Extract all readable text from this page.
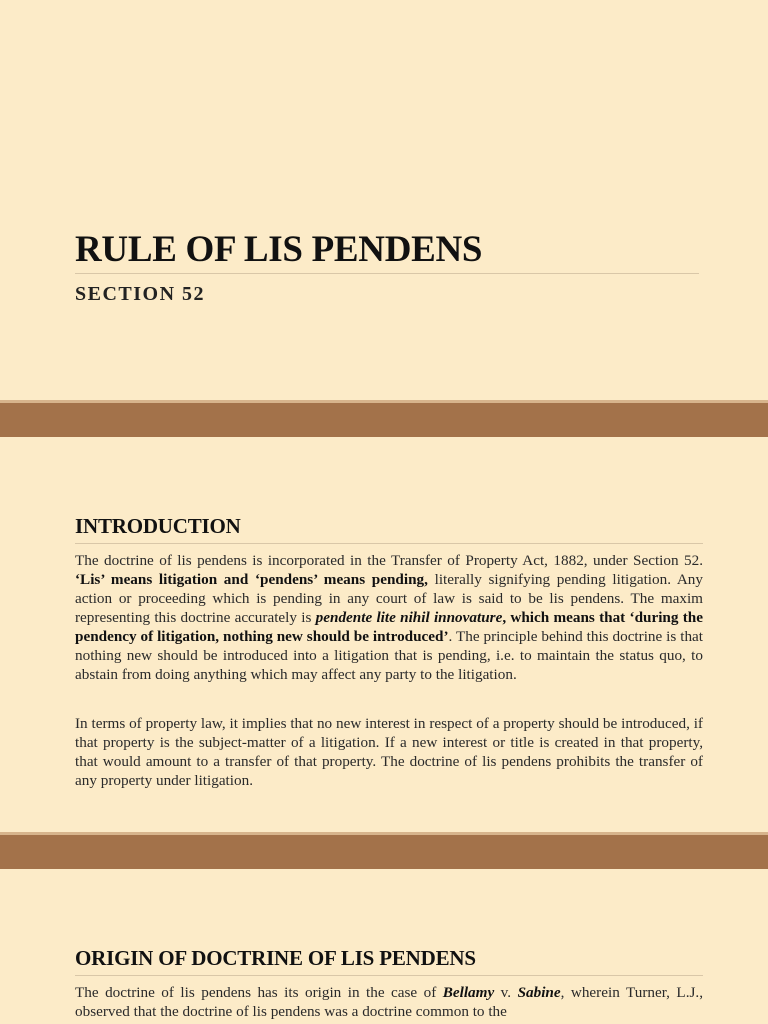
RULE OF LIS PENDENS
SECTION 52
INTRODUCTION
The doctrine of lis pendens is incorporated in the Transfer of Property Act, 1882, under Section 52. ‘Lis’ means litigation and ‘pendens’ means pending, literally signifying pending litigation. Any action or proceeding which is pending in any court of law is said to be lis pendens. The maxim representing this doctrine accurately is pendente lite nihil innovature, which means that ‘during the pendency of litigation, nothing new should be introduced’. The principle behind this doctrine is that nothing new should be introduced into a litigation that is pending, i.e. to maintain the status quo, to abstain from doing anything which may affect any party to the litigation.
In terms of property law, it implies that no new interest in respect of a property should be introduced, if that property is the subject-matter of a litigation. If a new interest or title is created in that property, that would amount to a transfer of that property. The doctrine of lis pendens prohibits the transfer of any property under litigation.
ORIGIN OF DOCTRINE OF LIS PENDENS
The doctrine of lis pendens has its origin in the case of Bellamy v. Sabine, wherein Turner, L.J., observed that the doctrine of lis pendens was a doctrine common to the
